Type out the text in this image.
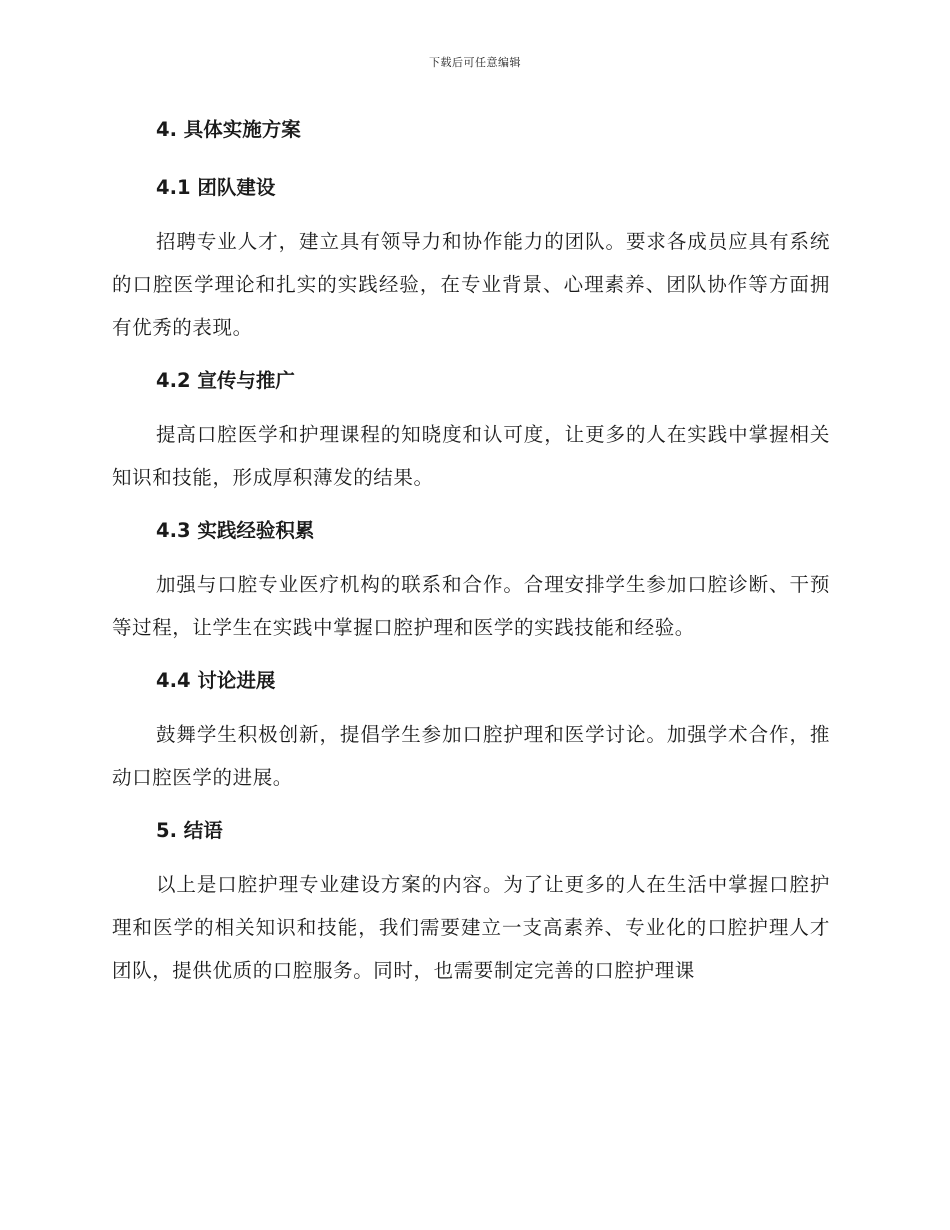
下载后可任意编辑
4. 具体实施方案
4.1 团队建设

招聘专业人才，建立具有领导力和协作能力的团队。要求各成员应具有系统的口腔医学理论和扎实的实践经验，在专业背景、心理素养、团队协作等方面拥有优秀的表现。

4.2 宣传与推广

提高口腔医学和护理课程的知晓度和认可度，让更多的人在实践中掌握相关知识和技能，形成厚积薄发的结果。

4.3 实践经验积累

加强与口腔专业医疗机构的联系和合作。合理安排学生参加口腔诊断、干预等过程，让学生在实践中掌握口腔护理和医学的实践技能和经验。

4.4 讨论进展

鼓舞学生积极创新，提倡学生参加口腔护理和医学讨论。加强学术合作，推动口腔医学的进展。

5. 结语

以上是口腔护理专业建设方案的内容。为了让更多的人在生活中掌握口腔护理和医学的相关知识和技能，我们需要建立一支高素养、专业化的口腔护理人才团队，提供优质的口腔服务。同时，也需要制定完善的口腔护理课
